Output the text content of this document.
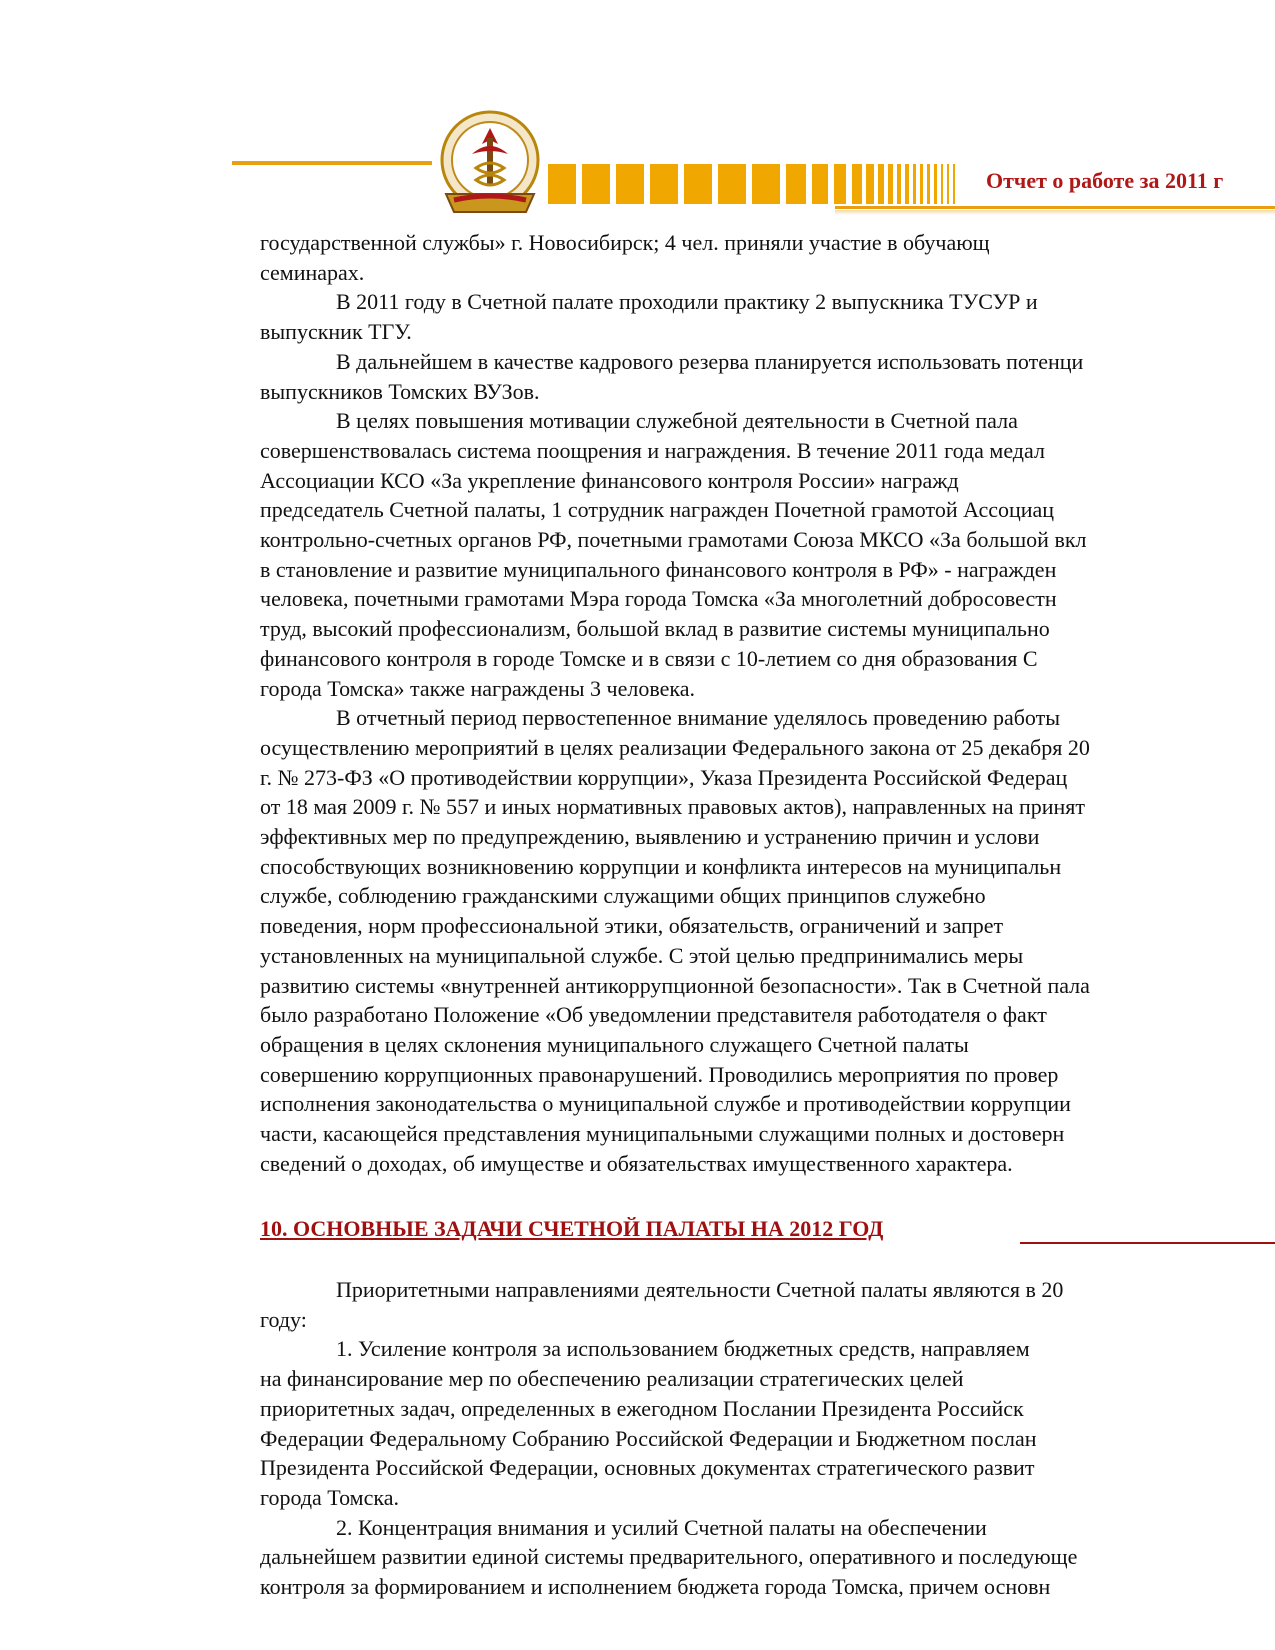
Отчет о работе за 2011 г
государственной службы» г. Новосибирск; 4 чел. приняли участие в обучающ
семинарах.
В 2011 году в Счетной палате проходили практику 2 выпускника ТУСУР и
выпускник ТГУ.
В дальнейшем в качестве кадрового резерва планируется использовать потенци
выпускников Томских ВУЗов.
В целях повышения мотивации служебной деятельности в Счетной пала
совершенствовалась система поощрения и награждения. В течение 2011 года медал
Ассоциации КСО «За укрепление финансового контроля России» награжд
председатель Счетной палаты, 1 сотрудник награжден Почетной грамотой Ассоциац
контрольно-счетных органов РФ, почетными грамотами Союза МКСО «За большой вкл
в становление и развитие муниципального финансового контроля в РФ» - награжден
человека, почетными грамотами Мэра города Томска «За многолетний добросовестн
труд, высокий профессионализм, большой вклад в развитие системы муниципально
финансового контроля в городе Томске и в связи с 10-летием со дня образования С
города Томска» также награждены 3 человека.
В отчетный период первостепенное внимание уделялось проведению работы
осуществлению мероприятий в целях реализации Федерального закона от 25 декабря 20
г. № 273-ФЗ «О противодействии коррупции», Указа Президента Российской Федерац
от 18 мая 2009 г. № 557 и иных нормативных правовых актов), направленных на принят
эффективных мер по предупреждению, выявлению и устранению причин и услови
способствующих возникновению коррупции и конфликта интересов на муниципальн
службе, соблюдению гражданскими служащими общих принципов служебно
поведения, норм профессиональной этики, обязательств, ограничений и запрет
установленных на муниципальной службе. С этой целью предпринимались меры
развитию системы «внутренней антикоррупционной безопасности». Так в Счетной пала
было разработано Положение «Об уведомлении представителя работодателя о факт
обращения в целях склонения муниципального служащего Счетной палаты
совершению коррупционных правонарушений. Проводились мероприятия по провер
исполнения законодательства о муниципальной службе и противодействии коррупции
части, касающейся представления муниципальными служащими полных и достоверн
сведений о доходах, об имуществе и обязательствах имущественного характера.
10. ОСНОВНЫЕ ЗАДАЧИ СЧЕТНОЙ ПАЛАТЫ НА 2012 ГОД
Приоритетными направлениями деятельности Счетной палаты являются в 20
году:
1. Усиление контроля за использованием бюджетных средств, направляем
на финансирование мер по обеспечению реализации стратегических целей
приоритетных задач, определенных в ежегодном Послании Президента Российск
Федерации Федеральному Собранию Российской Федерации и Бюджетном послан
Президента Российской Федерации, основных документах стратегического развит
города Томска.
2. Концентрация внимания и усилий Счетной палаты на обеспечении
дальнейшем развитии единой системы предварительного, оперативного и последующе
контроля за формированием и исполнением бюджета города Томска, причем основн
